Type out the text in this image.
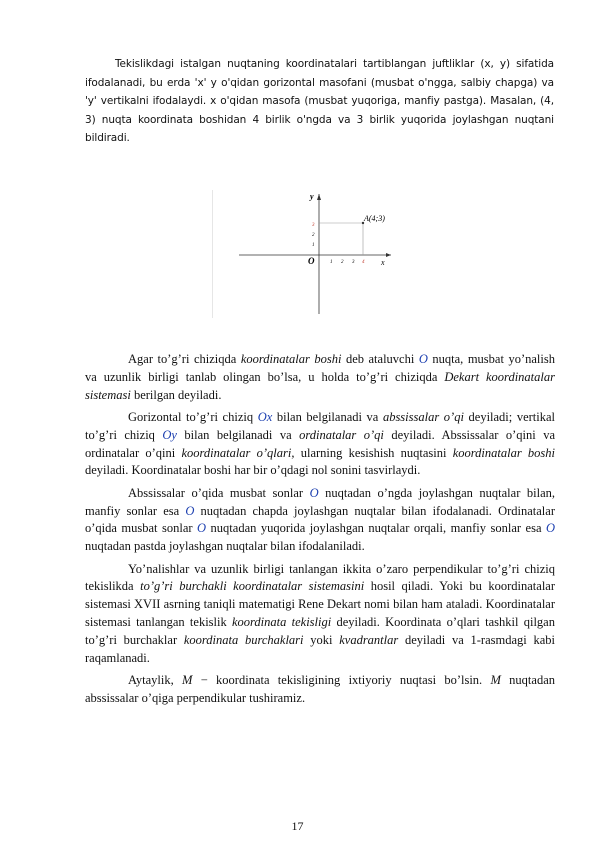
Tekislikdagi istalgan nuqtaning koordinatalari tartiblangan juftliklar (x, y) sifatida ifodalanadi, bu erda 'x' y o'qidan gorizontal masofani (musbat o'ngga, salbiy chapga) va 'y' vertikalni ifodalaydi. x o'qidan masofa (musbat yuqoriga, manfiy pastga). Masalan, (4, 3) nuqta koordinata boshidan 4 birlik o'ngda va 3 birlik yuqorida joylashgan nuqtani bildiradi.
y
x
O
A(4;3)
1 2 3 4
1
2
3

Agar to’g’ri chiziqda koordinatalar boshi deb ataluvchi O nuqta, musbat yo’nalish va uzunlik birligi tanlab olingan bo’lsa, u holda to’g’ri chiziqda Dekart koordinatalar sistemasi berilgan deyiladi.

Gorizontal to’g’ri chiziq Ox bilan belgilanadi va abssissalar o’qi deyiladi; vertikal to’g’ri chiziq Oy bilan belgilanadi va ordinatalar o’qi deyiladi. Abssissalar o’qini va ordinatalar o’qini koordinatalar o’qlari, ularning kesishish nuqtasini koordinatalar boshi deyiladi. Koordinatalar boshi har bir o’qdagi nol sonini tasvirlaydi.

Abssissalar o’qida musbat sonlar O nuqtadan o’ngda joylashgan nuqtalar bilan, manfiy sonlar esa O nuqtadan chapda joylashgan nuqtalar bilan ifodalanadi. Ordinatalar o’qida musbat sonlar O nuqtadan yuqorida joylashgan nuqtalar orqali, manfiy sonlar esa O nuqtadan pastda joylashgan nuqtalar bilan ifodalaniladi.

Yo’nalishlar va uzunlik birligi tanlangan ikkita o’zaro perpendikular to’g’ri chiziq tekislikda to’g’ri burchakli koordinatalar sistemasini hosil qiladi. Yoki bu koordinatalar sistemasi XVII asrning taniqli matematigi Rene Dekart nomi bilan ham ataladi. Koordinatalar sistemasi tanlangan tekislik koordinata tekisligi deyiladi. Koordinata o’qlari tashkil qilgan to’g’ri burchaklar koordinata burchaklari yoki kvadrantlar deyiladi va 1-rasmdagi kabi raqamlanadi.

Aytaylik, M − koordinata tekisligining ixtiyoriy nuqtasi bo’lsin. M nuqtadan abssissalar o’qiga perpendikular tushiramiz.

17
